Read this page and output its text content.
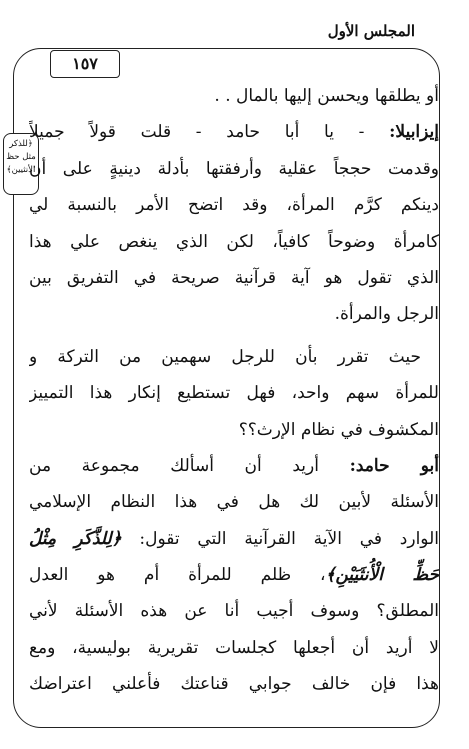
المجلس الأول
١٥٧
﴿للذكر
مثل حظ
الأنثيين﴾
أو يطلقها ويحسن إليها بالمال . .
إيزابيلا: - يا أبا حامد - قلت قولاً جميلاً
وقدمت حججاً عقلية وأرفقتها بأدلة دينيةٍ على أن
دينكم كرَّم المرأة، وقد اتضح الأمر بالنسبة لي
كامرأة وضوحاً كافياً، لكن الذي ينغص علي هذا
الذي تقول هو آية قرآنية صريحة في التفريق بين
الرجل والمرأة.
حيث تقرر بأن للرجل سهمين من التركة و
للمرأة سهم واحد، فهل تستطيع إنكار هذا التمييز
المكشوف في نظام الإرث؟؟
أبو حامد: أريد أن أسألك مجموعة من
الأسئلة لأبين لك هل في هذا النظام الإسلامي
الوارد في الآية القرآنية التي تقول: ﴿لِلذَّكَرِ مِثْلُ
حَظِّ الْأُنثَيَيْنِ﴾، ظلم للمرأة أم هو العدل
المطلق؟ وسوف أجيب أنا عن هذه الأسئلة لأني
لا أريد أن أجعلها كجلسات تقريرية بوليسية، ومع
هذا فإن خالف جوابي قناعتك فأعلني اعتراضك
